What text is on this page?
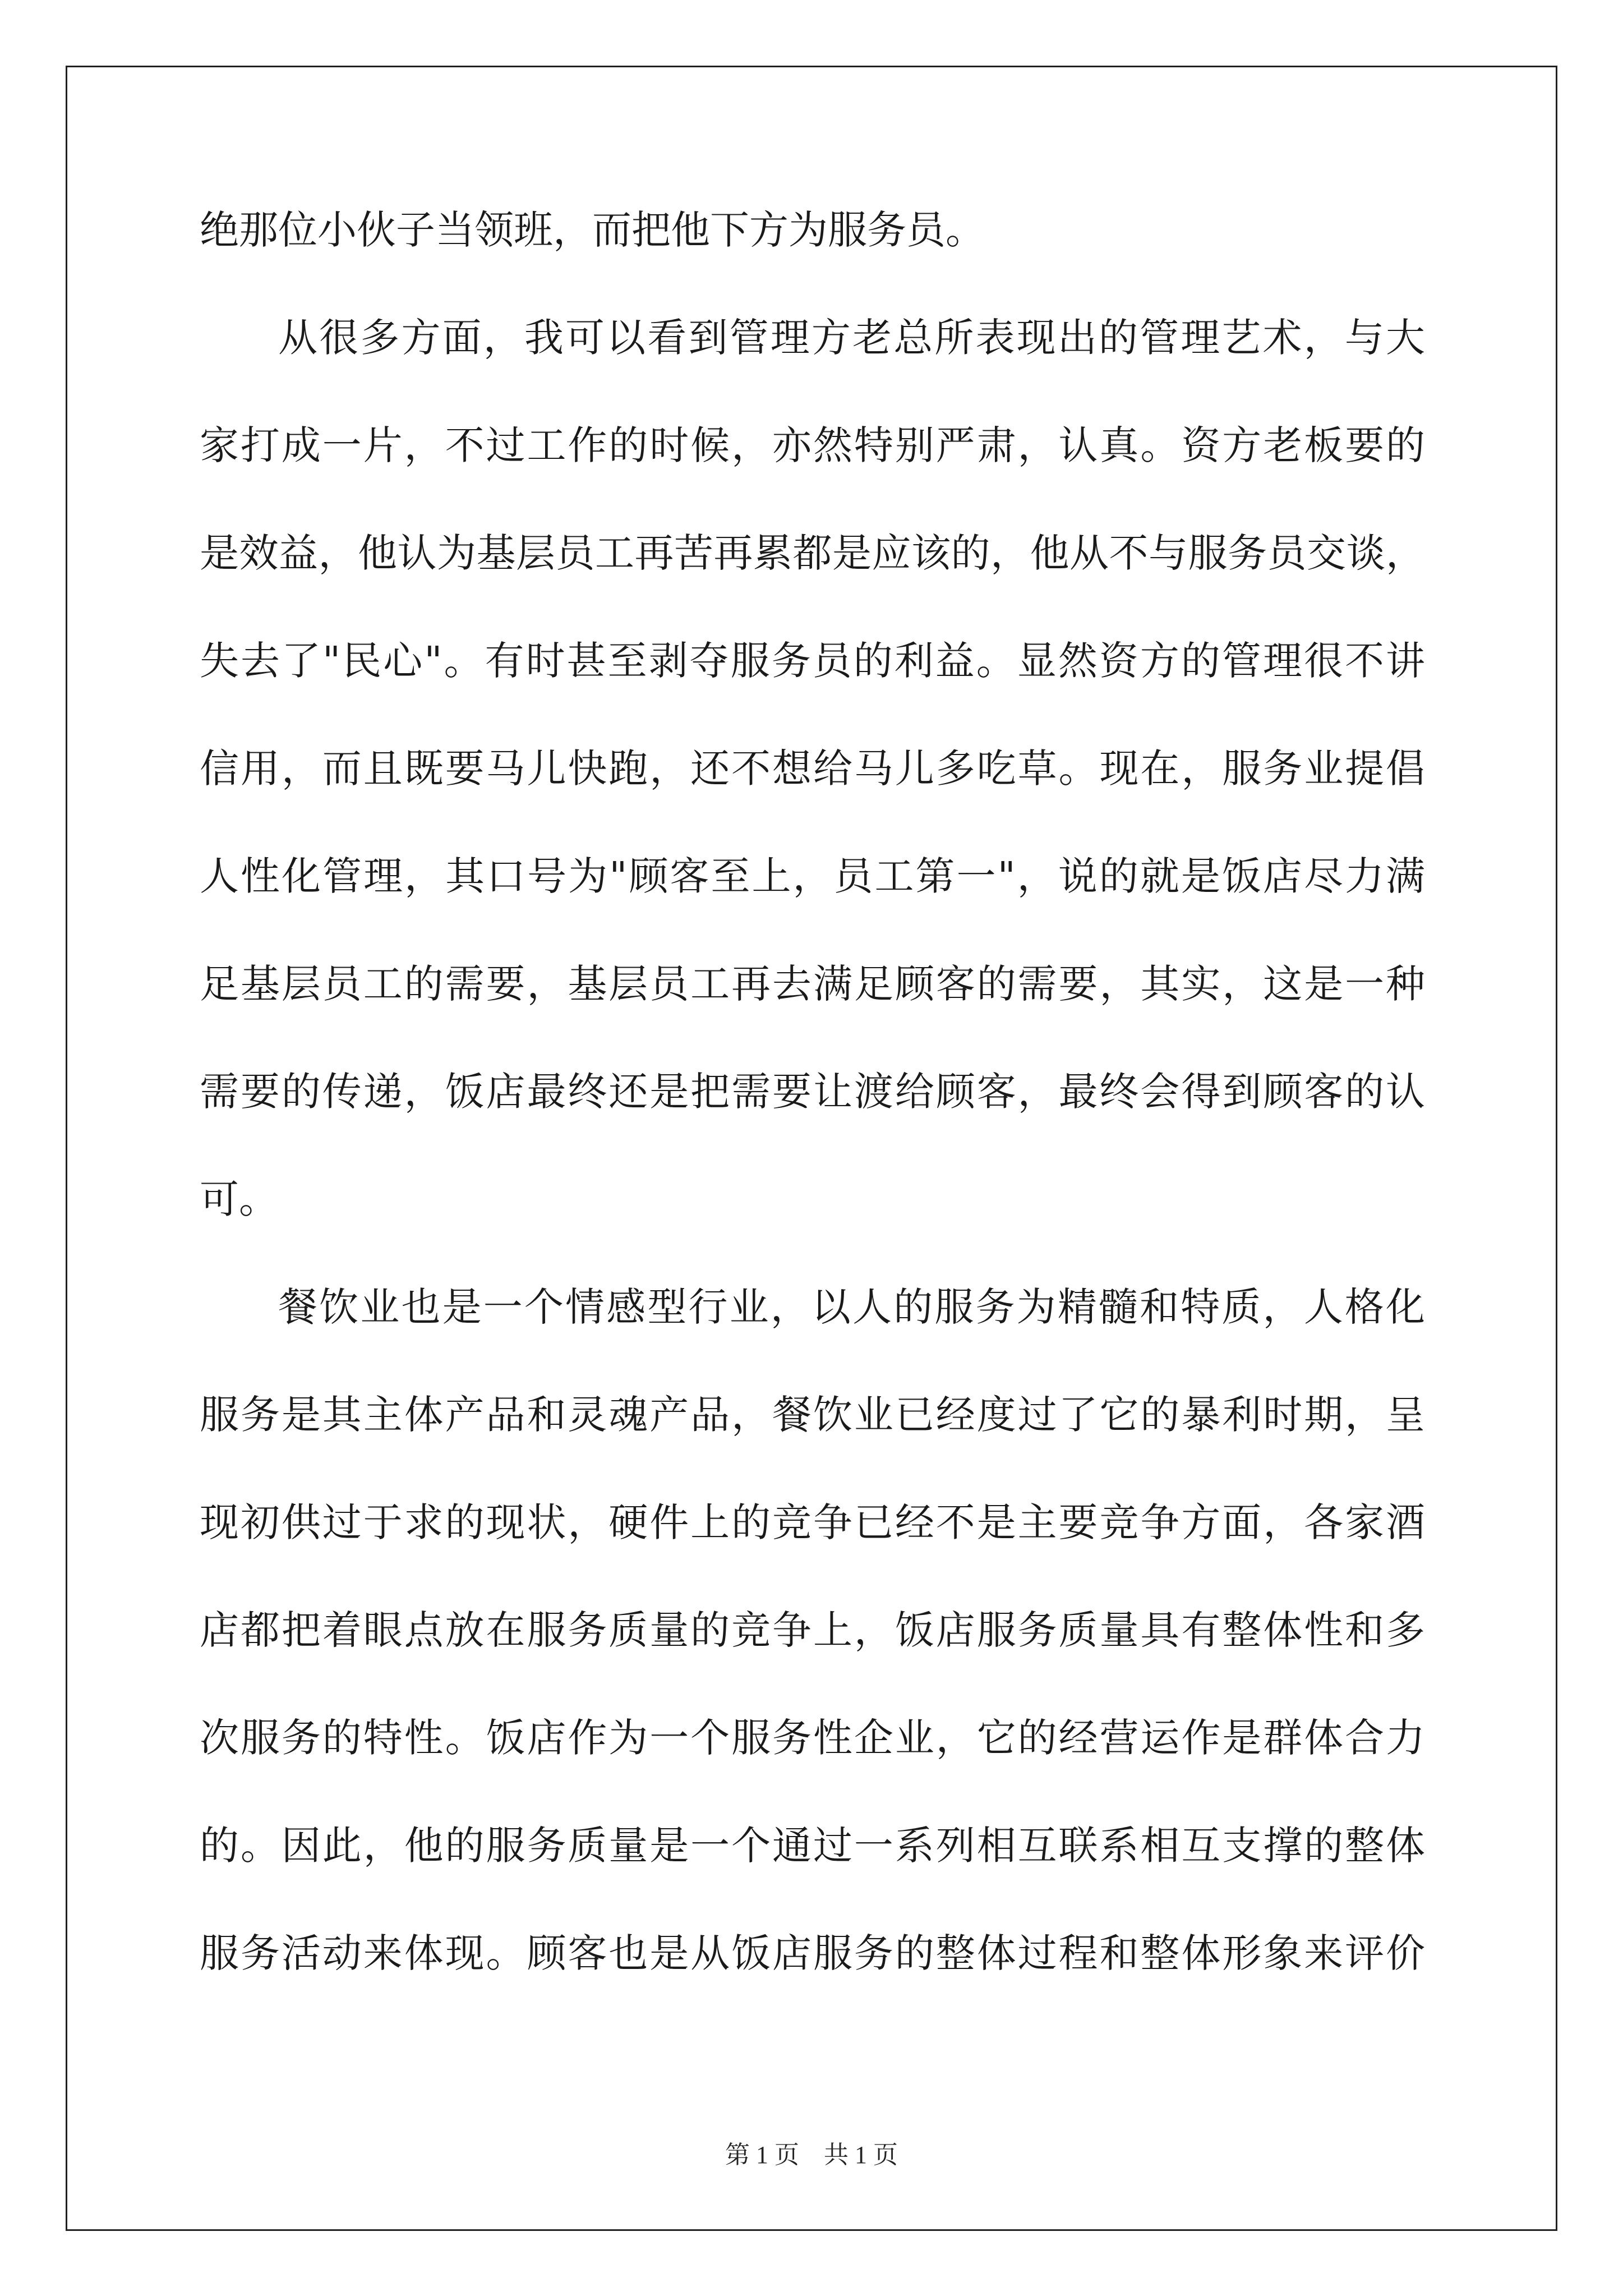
绝那位小伙子当领班，而把他下方为服务员。
从很多方面，我可以看到管理方老总所表现出的管理艺术，与大
家打成一片，不过工作的时候，亦然特别严肃，认真。资方老板要的
是效益，他认为基层员工再苦再累都是应该的，他从不与服务员交谈，
失去了"民心"。有时甚至剥夺服务员的利益。显然资方的管理很不讲
信用，而且既要马儿快跑，还不想给马儿多吃草。现在，服务业提倡
人性化管理，其口号为"顾客至上，员工第一"，说的就是饭店尽力满
足基层员工的需要，基层员工再去满足顾客的需要，其实，这是一种
需要的传递，饭店最终还是把需要让渡给顾客，最终会得到顾客的认
可。
餐饮业也是一个情感型行业，以人的服务为精髓和特质，人格化
服务是其主体产品和灵魂产品，餐饮业已经度过了它的暴利时期，呈
现初供过于求的现状，硬件上的竞争已经不是主要竞争方面，各家酒
店都把着眼点放在服务质量的竞争上，饭店服务质量具有整体性和多
次服务的特性。饭店作为一个服务性企业，它的经营运作是群体合力
的。因此，他的服务质量是一个通过一系列相互联系相互支撑的整体
服务活动来体现。顾客也是从饭店服务的整体过程和整体形象来评价
第 1 页 共 1 页
